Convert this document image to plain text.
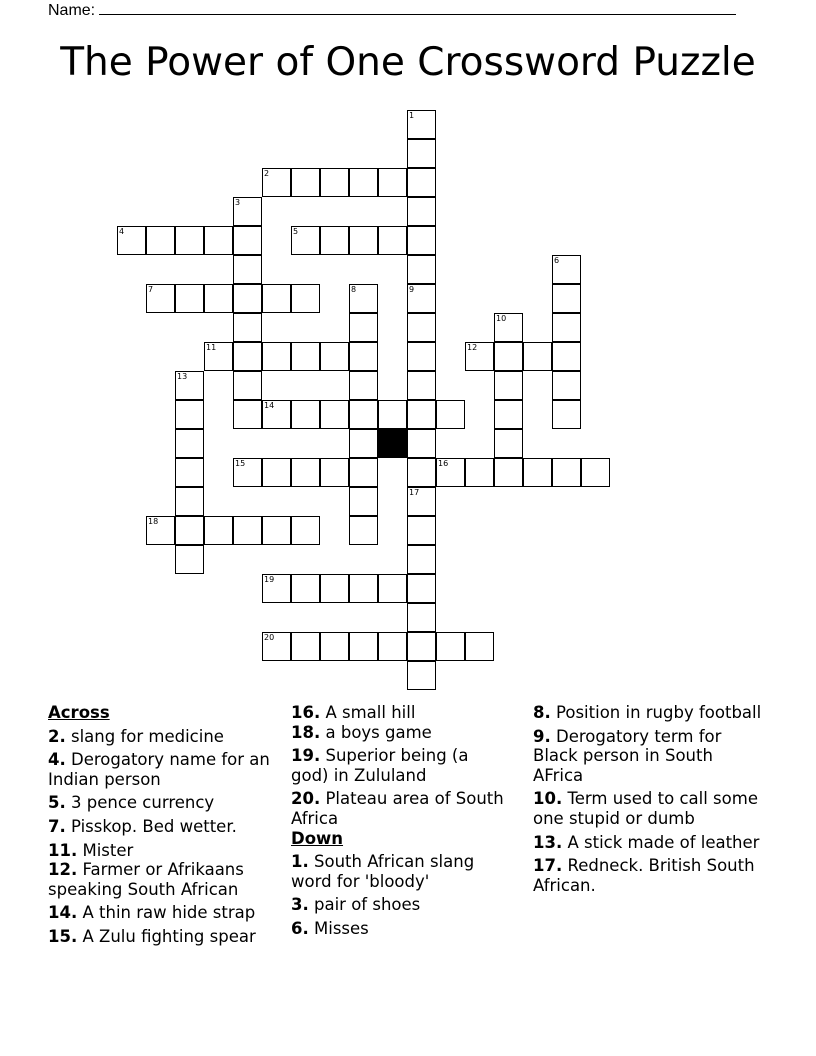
Name:
The Power of One Crossword Puzzle
1
3
6
8	9
10
13
17
2
4	5
7
11	12
14
15	16
18
19
20
Across
2. slang for medicine
4. Derogatory name for an Indian person
5. 3 pence currency
7. Pisskop. Bed wetter.
11. Mister
12. Farmer or Afrikaans speaking South African
14. A thin raw hide strap
15. A Zulu fighting spear
16. A small hill
18. a boys game
19. Superior being (a god) in Zululand
20. Plateau area of South Africa
Down
1. South African slang word for 'bloody'
3. pair of shoes
6. Misses
8. Position in rugby football
9. Derogatory term for Black person in South AFrica
10. Term used to call some one stupid or dumb
13. A stick made of leather
17. Redneck. British South African.
